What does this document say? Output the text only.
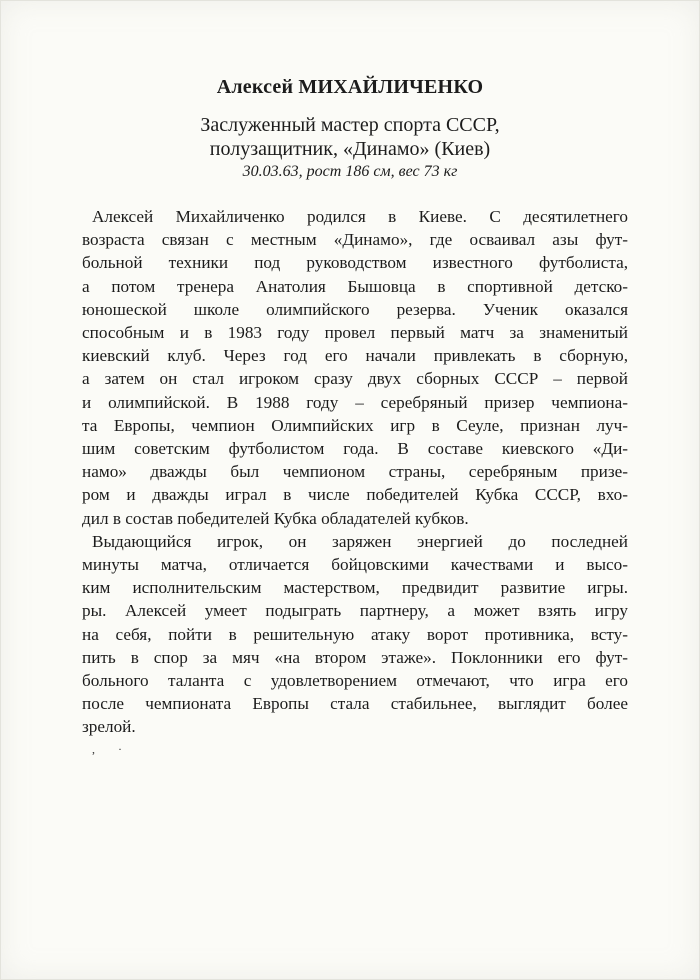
Алексей МИХАЙЛИЧЕНКО
Заслуженный мастер спорта СССР,
полузащитник, «Динамо» (Киев)
30.03.63, рост 186 см, вес 73 кг
Алексей Михайличенко родился в Киеве. С десятилетнего
возраста связан с местным «Динамо», где осваивал азы фут-
больной техники под руководством известного футболиста,
а потом тренера Анатолия Бышовца в спортивной детско-
юношеской школе олимпийского резерва. Ученик оказался
способным и в 1983 году провел первый матч за знаменитый
киевский клуб. Через год его начали привлекать в сборную,
а затем он стал игроком сразу двух сборных СССР – первой
и олимпийской. В 1988 году – серебряный призер чемпиона-
та Европы, чемпион Олимпийских игр в Сеуле, признан луч-
шим советским футболистом года. В составе киевского «Ди-
намо» дважды был чемпионом страны, серебряным призе-
ром и дважды играл в числе победителей Кубка СССР, вхо-
дил в состав победителей Кубка обладателей кубков.
Выдающийся игрок, он заряжен энергией до последней
минуты матча, отличается бойцовскими качествами и высо-
ким исполнительским мастерством, предвидит развитие игры.
ры. Алексей умеет подыграть партнеру, а может взять игру
на себя, пойти в решительную атаку ворот противника, всту-
пить в спор за мяч «на втором этаже». Поклонники его фут-
больного таланта с удовлетворением отмечают, что игра его
после чемпионата Европы стала стабильнее, выглядит более
зрелой.
, ·
